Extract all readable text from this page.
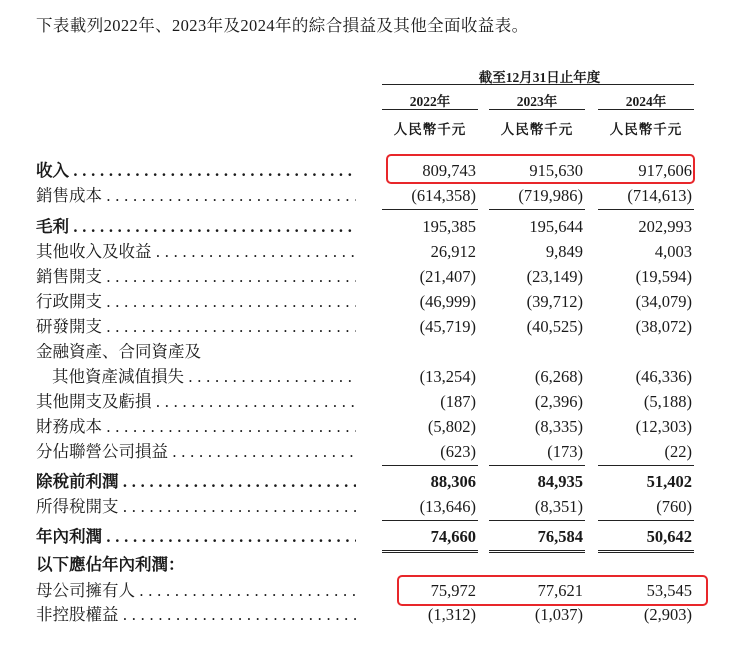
下表載列2022年、2023年及2024年的綜合損益及其他全面收益表。
截至12月31日止年度
2022年	2023年	2024年
人民幣千元	人民幣千元	人民幣千元
收入 . . .	809,743	915,630	917,606
銷售成本 . . .	(614,358)	(719,986)	(714,613)
毛利 . . .	195,385	195,644	202,993
其他收入及收益 . . .	26,912	9,849	4,003
銷售開支 . . .	(21,407)	(23,149)	(19,594)
行政開支 . . .	(46,999)	(39,712)	(34,079)
研發開支 . . .	(45,719)	(40,525)	(38,072)
金融資產、合同資產及
其他資產減值損失 . . .	(13,254)	(6,268)	(46,336)
其他開支及虧損 . . .	(187)	(2,396)	(5,188)
財務成本 . . .	(5,802)	(8,335)	(12,303)
分佔聯營公司損益 . . .	(623)	(173)	(22)
除稅前利潤 . . .	88,306	84,935	51,402
所得稅開支 . . .	(13,646)	(8,351)	(760)
年內利潤 . . .	74,660	76,584	50,642
以下應佔年內利潤：
母公司擁有人 . . .	75,972	77,621	53,545
非控股權益 . . .	(1,312)	(1,037)	(2,903)
